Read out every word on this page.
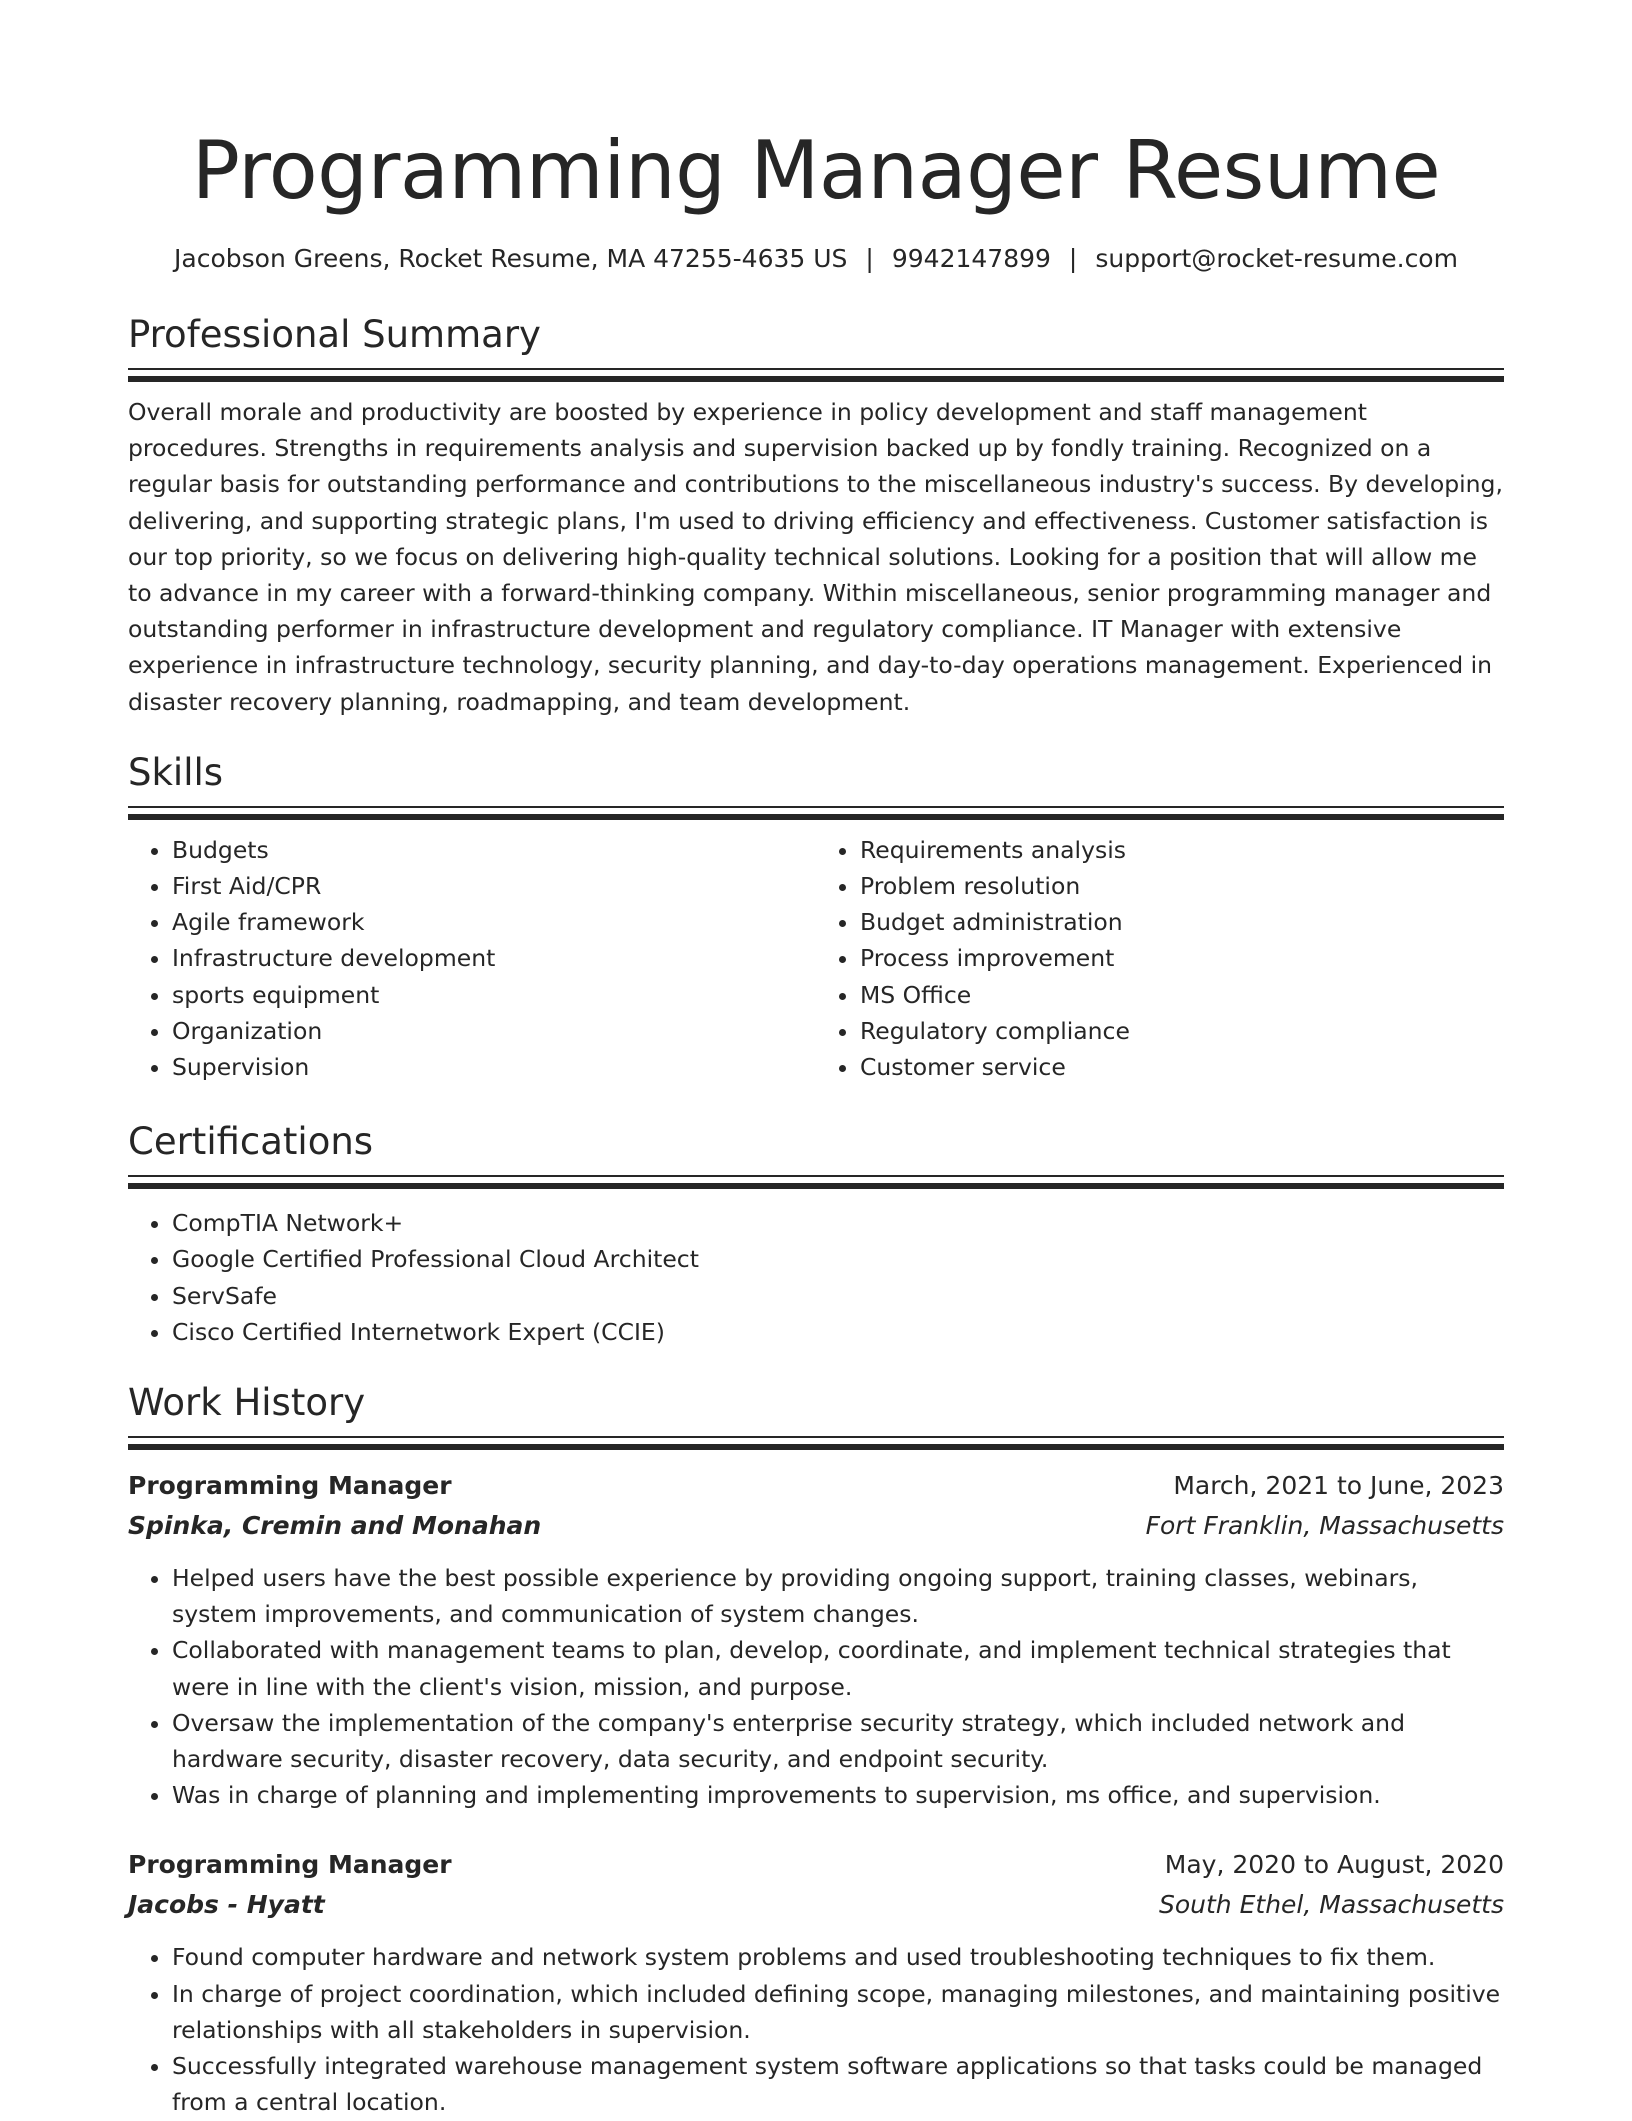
Programming Manager Resume
Jacobson Greens, Rocket Resume, MA 47255-4635 US | 9942147899 | support@rocket-resume.com
Professional Summary

Overall morale and productivity are boosted by experience in policy development and staff management procedures. Strengths in requirements analysis and supervision backed up by fondly training. Recognized on a regular basis for outstanding performance and contributions to the miscellaneous industry's success. By developing, delivering, and supporting strategic plans, I'm used to driving efficiency and effectiveness. Customer satisfaction is our top priority, so we focus on delivering high-quality technical solutions. Looking for a position that will allow me to advance in my career with a forward-thinking company. Within miscellaneous, senior programming manager and outstanding performer in infrastructure development and regulatory compliance. IT Manager with extensive experience in infrastructure technology, security planning, and day-to-day operations management. Experienced in disaster recovery planning, roadmapping, and team development.

Skills
• Budgets
• First Aid/CPR
• Agile framework
• Infrastructure development
• sports equipment
• Organization
• Supervision
• Requirements analysis
• Problem resolution
• Budget administration
• Process improvement
• MS Office
• Regulatory compliance
• Customer service
Certifications
• CompTIA Network+
• Google Certified Professional Cloud Architect
• ServSafe
• Cisco Certified Internetwork Expert (CCIE)
Work History
Programming Manager	March, 2021 to June, 2023
Spinka, Cremin and Monahan	Fort Franklin, Massachusetts
• Helped users have the best possible experience by providing ongoing support, training classes, webinars, system improvements, and communication of system changes.
• Collaborated with management teams to plan, develop, coordinate, and implement technical strategies that were in line with the client's vision, mission, and purpose.
• Oversaw the implementation of the company's enterprise security strategy, which included network and hardware security, disaster recovery, data security, and endpoint security.
• Was in charge of planning and implementing improvements to supervision, ms office, and supervision.
Programming Manager	May, 2020 to August, 2020
Jacobs - Hyatt	South Ethel, Massachusetts
• Found computer hardware and network system problems and used troubleshooting techniques to fix them.
• In charge of project coordination, which included defining scope, managing milestones, and maintaining positive relationships with all stakeholders in supervision.
• Successfully integrated warehouse management system software applications so that tasks could be managed from a central location.
